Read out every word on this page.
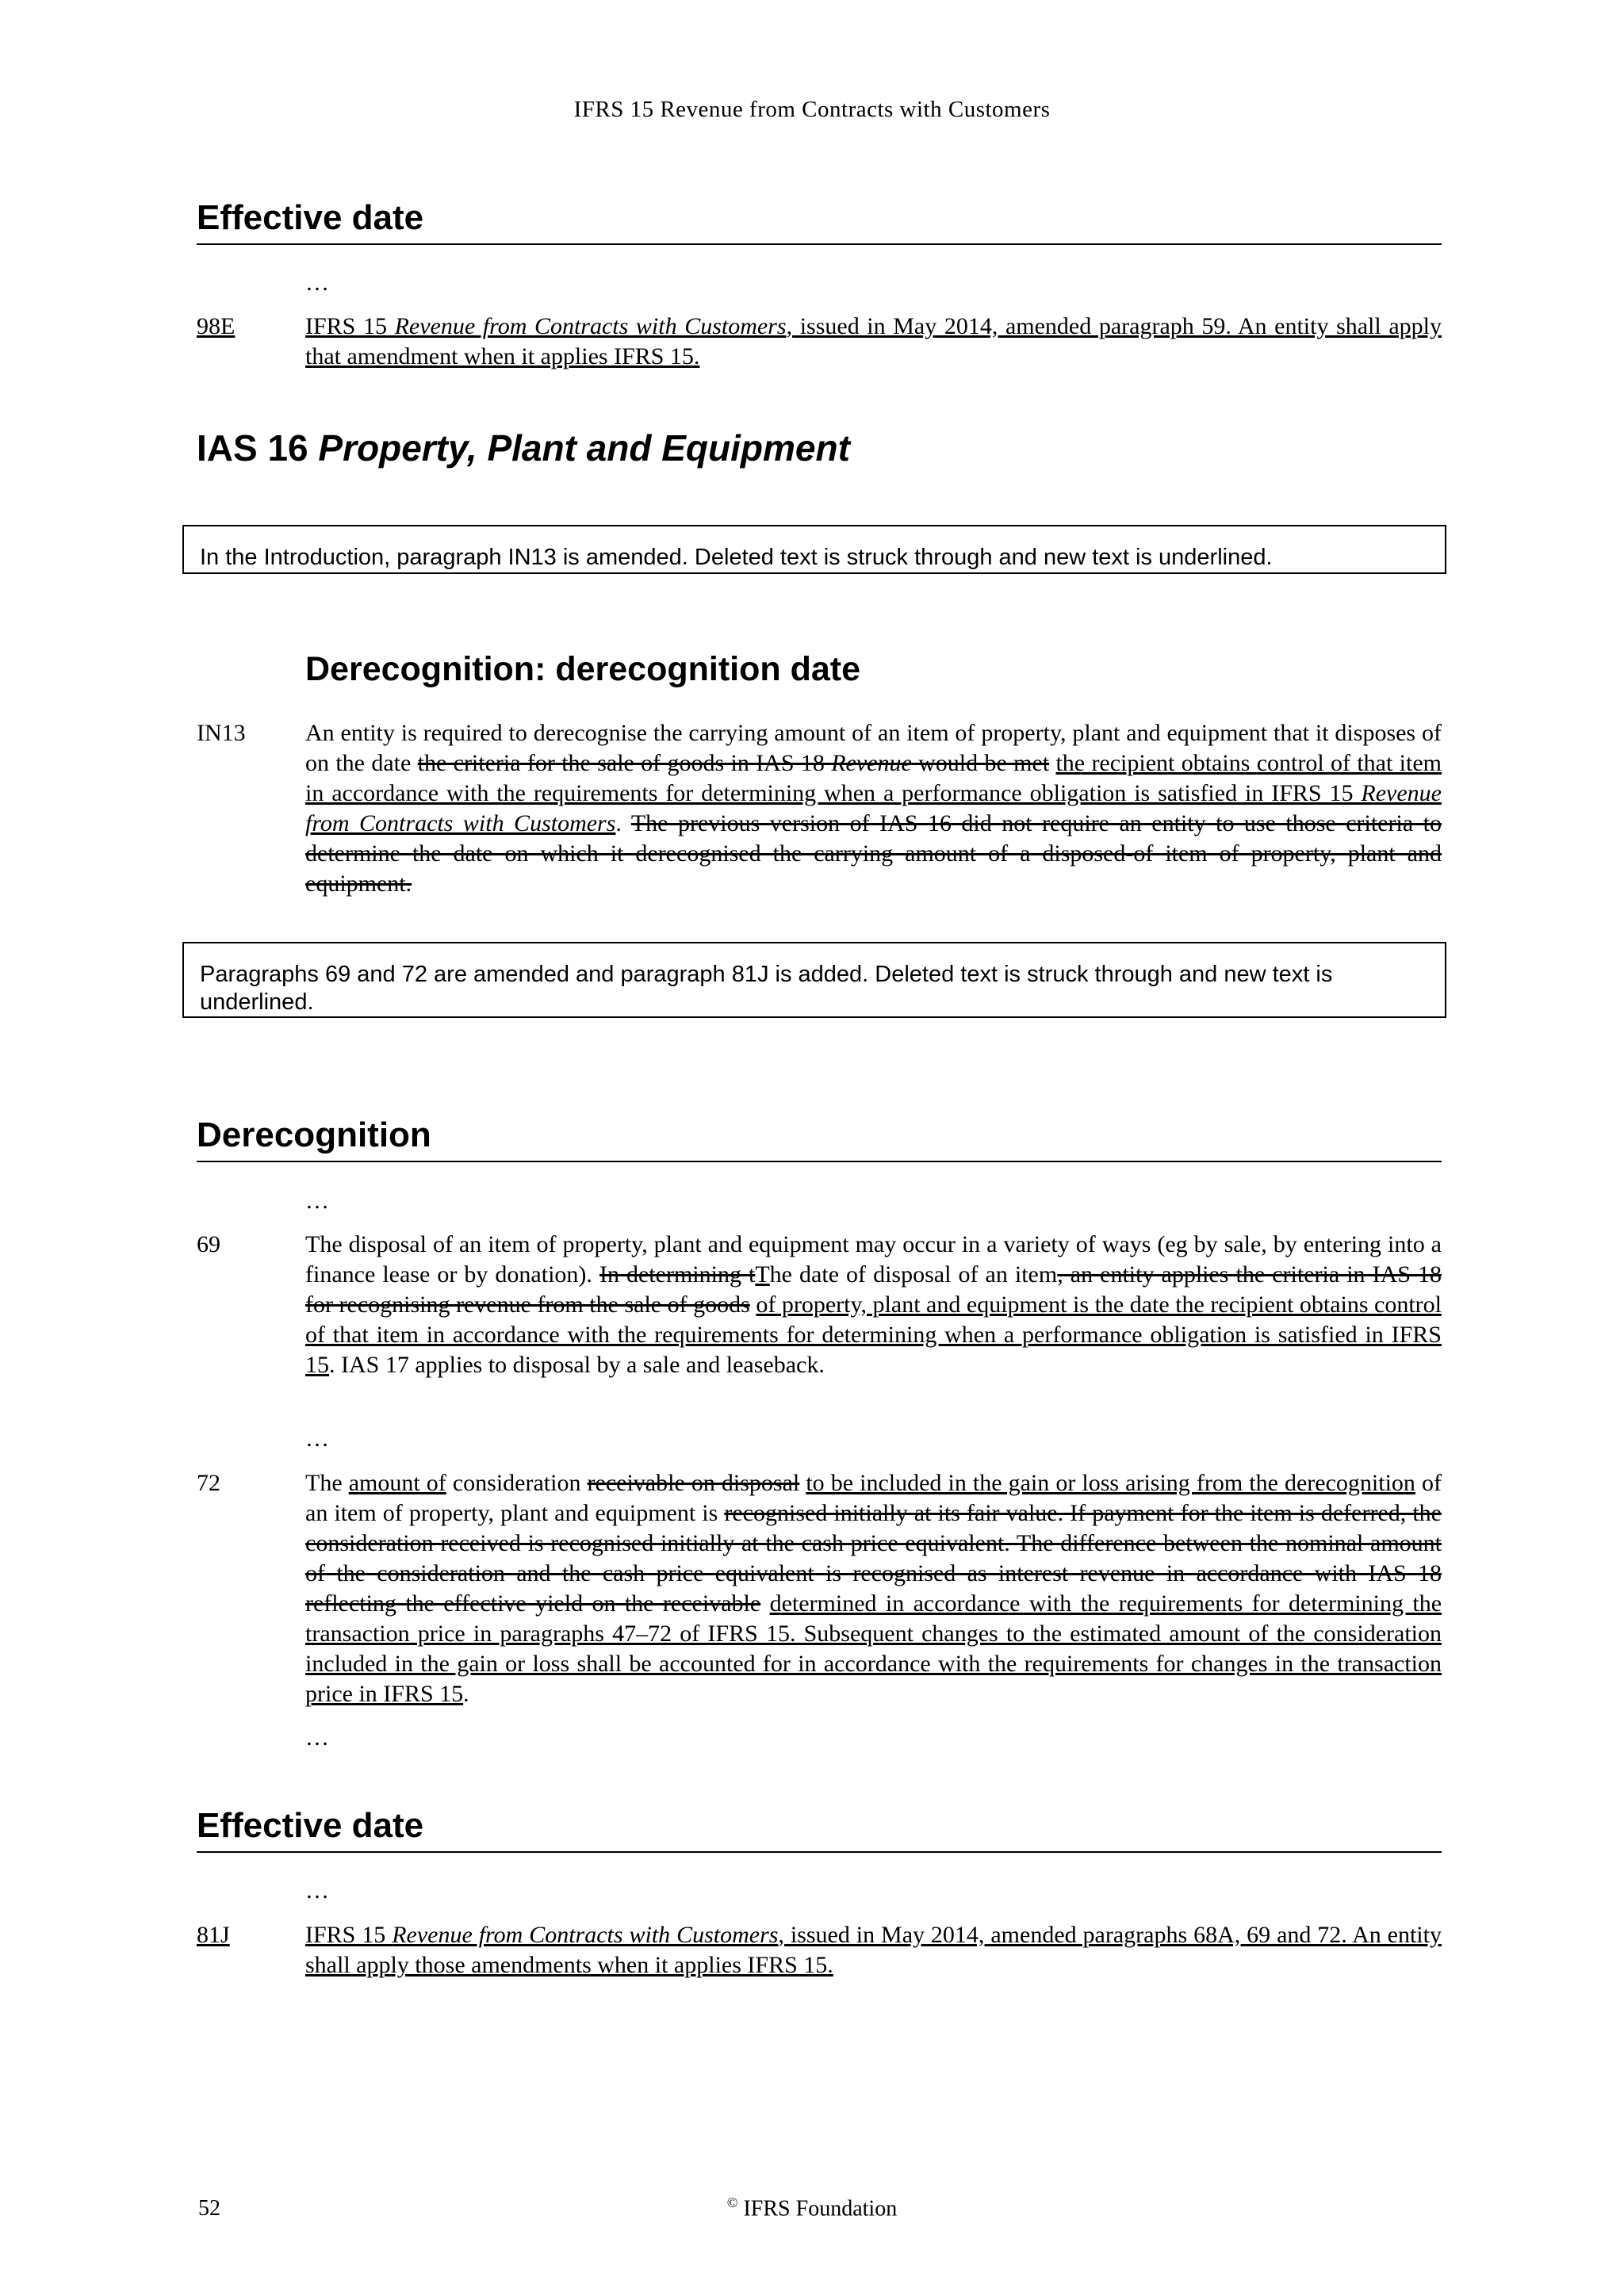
IFRS 15 Revenue from Contracts with Customers
Effective date
…
98E	IFRS 15 Revenue from Contracts with Customers, issued in May 2014, amended paragraph 59. An entity shall apply that amendment when it applies IFRS 15.
IAS 16 Property, Plant and Equipment
In the Introduction, paragraph IN13 is amended. Deleted text is struck through and new text is underlined.
Derecognition: derecognition date
IN13	An entity is required to derecognise the carrying amount of an item of property, plant and equipment that it disposes of on the date the criteria for the sale of goods in IAS 18 Revenue would be met the recipient obtains control of that item in accordance with the requirements for determining when a performance obligation is satisfied in IFRS 15 Revenue from Contracts with Customers. The previous version of IAS 16 did not require an entity to use those criteria to determine the date on which it derecognised the carrying amount of a disposed-of item of property, plant and equipment.
Paragraphs 69 and 72 are amended and paragraph 81J is added. Deleted text is struck through and new text is underlined.
Derecognition
…
69	The disposal of an item of property, plant and equipment may occur in a variety of ways (eg by sale, by entering into a finance lease or by donation). In determining tThe date of disposal of an item, an entity applies the criteria in IAS 18 for recognising revenue from the sale of goods of property, plant and equipment is the date the recipient obtains control of that item in accordance with the requirements for determining when a performance obligation is satisfied in IFRS 15. IAS 17 applies to disposal by a sale and leaseback.
…
72	The amount of consideration receivable on disposal to be included in the gain or loss arising from the derecognition of an item of property, plant and equipment is recognised initially at its fair value. If payment for the item is deferred, the consideration received is recognised initially at the cash price equivalent. The difference between the nominal amount of the consideration and the cash price equivalent is recognised as interest revenue in accordance with IAS 18 reflecting the effective yield on the receivable determined in accordance with the requirements for determining the transaction price in paragraphs 47–72 of IFRS 15. Subsequent changes to the estimated amount of the consideration included in the gain or loss shall be accounted for in accordance with the requirements for changes in the transaction price in IFRS 15.
…
Effective date
…
81J	IFRS 15 Revenue from Contracts with Customers, issued in May 2014, amended paragraphs 68A, 69 and 72. An entity shall apply those amendments when it applies IFRS 15.
52	© IFRS Foundation
